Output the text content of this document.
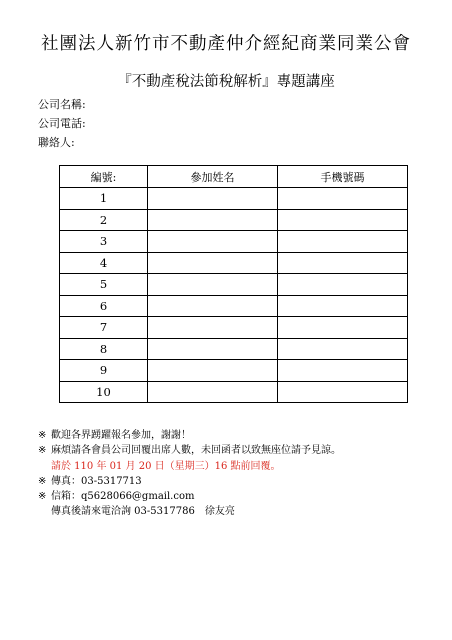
社團法人新竹市不動產仲介經紀商業同業公會
『不動產稅法節稅解析』專題講座
公司名稱:
公司電話:
聯絡人:
編號:	參加姓名	手機號碼
1		
2		
3		
4		
5		
6		
7		
8		
9		
10		
※ 歡迎各界踴躍報名參加，謝謝！
※ 麻煩請各會員公司回覆出席人數，未回函者以致無座位請予見諒。
請於 110 年 01 月 20 日（星期三）16 點前回覆。
※ 傳真：03-5317713
※ 信箱：q5628066@gmail.com
傳真後請來電洽詢 03-5317786　徐友亮
